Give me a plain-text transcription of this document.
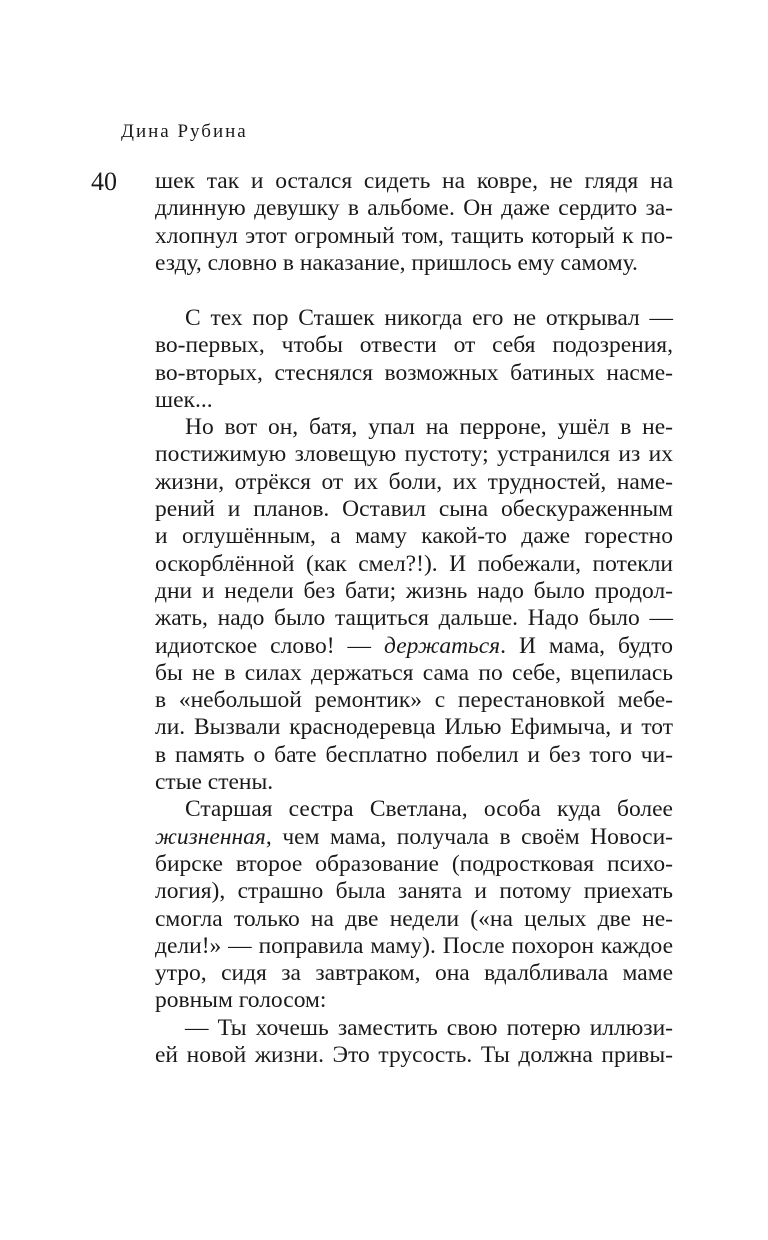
Дина Рубина
40 шек так и остался сидеть на ковре, не глядя на
длинную девушку в альбоме. Он даже сердито за-
хлопнул этот огромный том, тащить который к по-
езду, словно в наказание, пришлось ему самому.
С тех пор Сташек никогда его не открывал —
во-первых, чтобы отвести от себя подозрения,
во-вторых, стеснялся возможных батиных насме-
шек...
Но вот он, батя, упал на перроне, ушёл в не-
постижимую зловещую пустоту; устранился из их
жизни, отрёкся от их боли, их трудностей, наме-
рений и планов. Оставил сына обескураженным
и оглушённым, а маму какой-то даже горестно
оскорблённой (как смел?!). И побежали, потекли
дни и недели без бати; жизнь надо было продол-
жать, надо было тащиться дальше. Надо было —
идиотское слово! — держаться. И мама, будто
бы не в силах держаться сама по себе, вцепилась
в «небольшой ремонтик» с перестановкой мебе-
ли. Вызвали краснодеревца Илью Ефимыча, и тот
в память о бате бесплатно побелил и без того чи-
стые стены.
Старшая сестра Светлана, особа куда более
жизненная, чем мама, получала в своём Новоси-
бирске второе образование (подростковая психо-
логия), страшно была занята и потому приехать
смогла только на две недели («на целых две не-
дели!» — поправила маму). После похорон каждое
утро, сидя за завтраком, она вдалбливала маме
ровным голосом:
— Ты хочешь заместить свою потерю иллюзи-
ей новой жизни. Это трусость. Ты должна привы-
